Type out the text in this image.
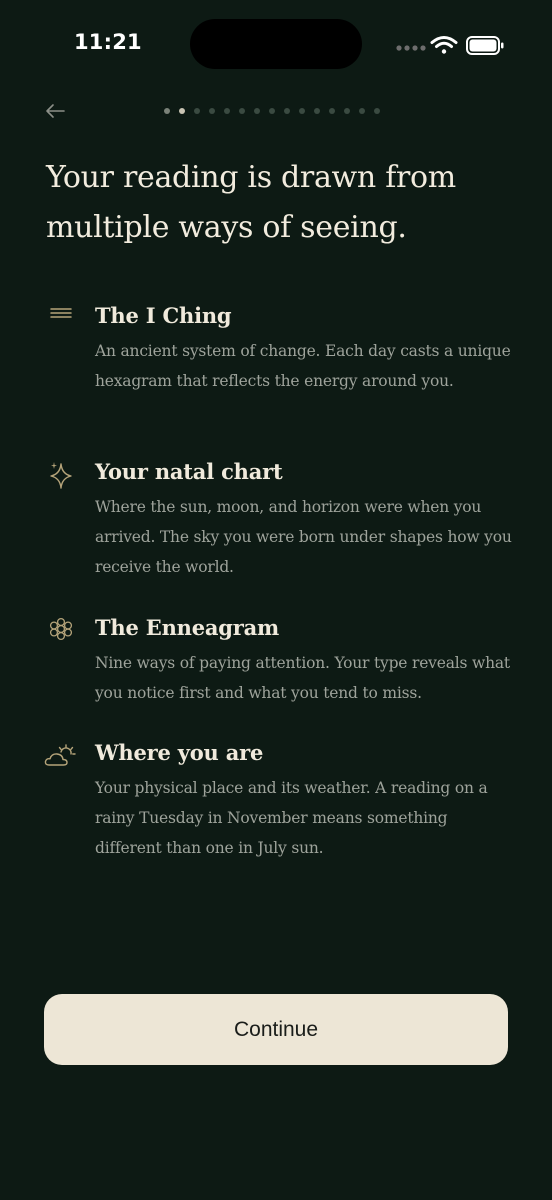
11:21
Your reading is drawn from multiple ways of seeing.
The I Ching
An ancient system of change. Each day casts a unique hexagram that reflects the energy around you.
Your natal chart
Where the sun, moon, and horizon were when you arrived. The sky you were born under shapes how you receive the world.
The Enneagram
Nine ways of paying attention. Your type reveals what you notice first and what you tend to miss.
Where you are
Your physical place and its weather. A reading on a rainy Tuesday in November means something different than one in July sun.
Continue
